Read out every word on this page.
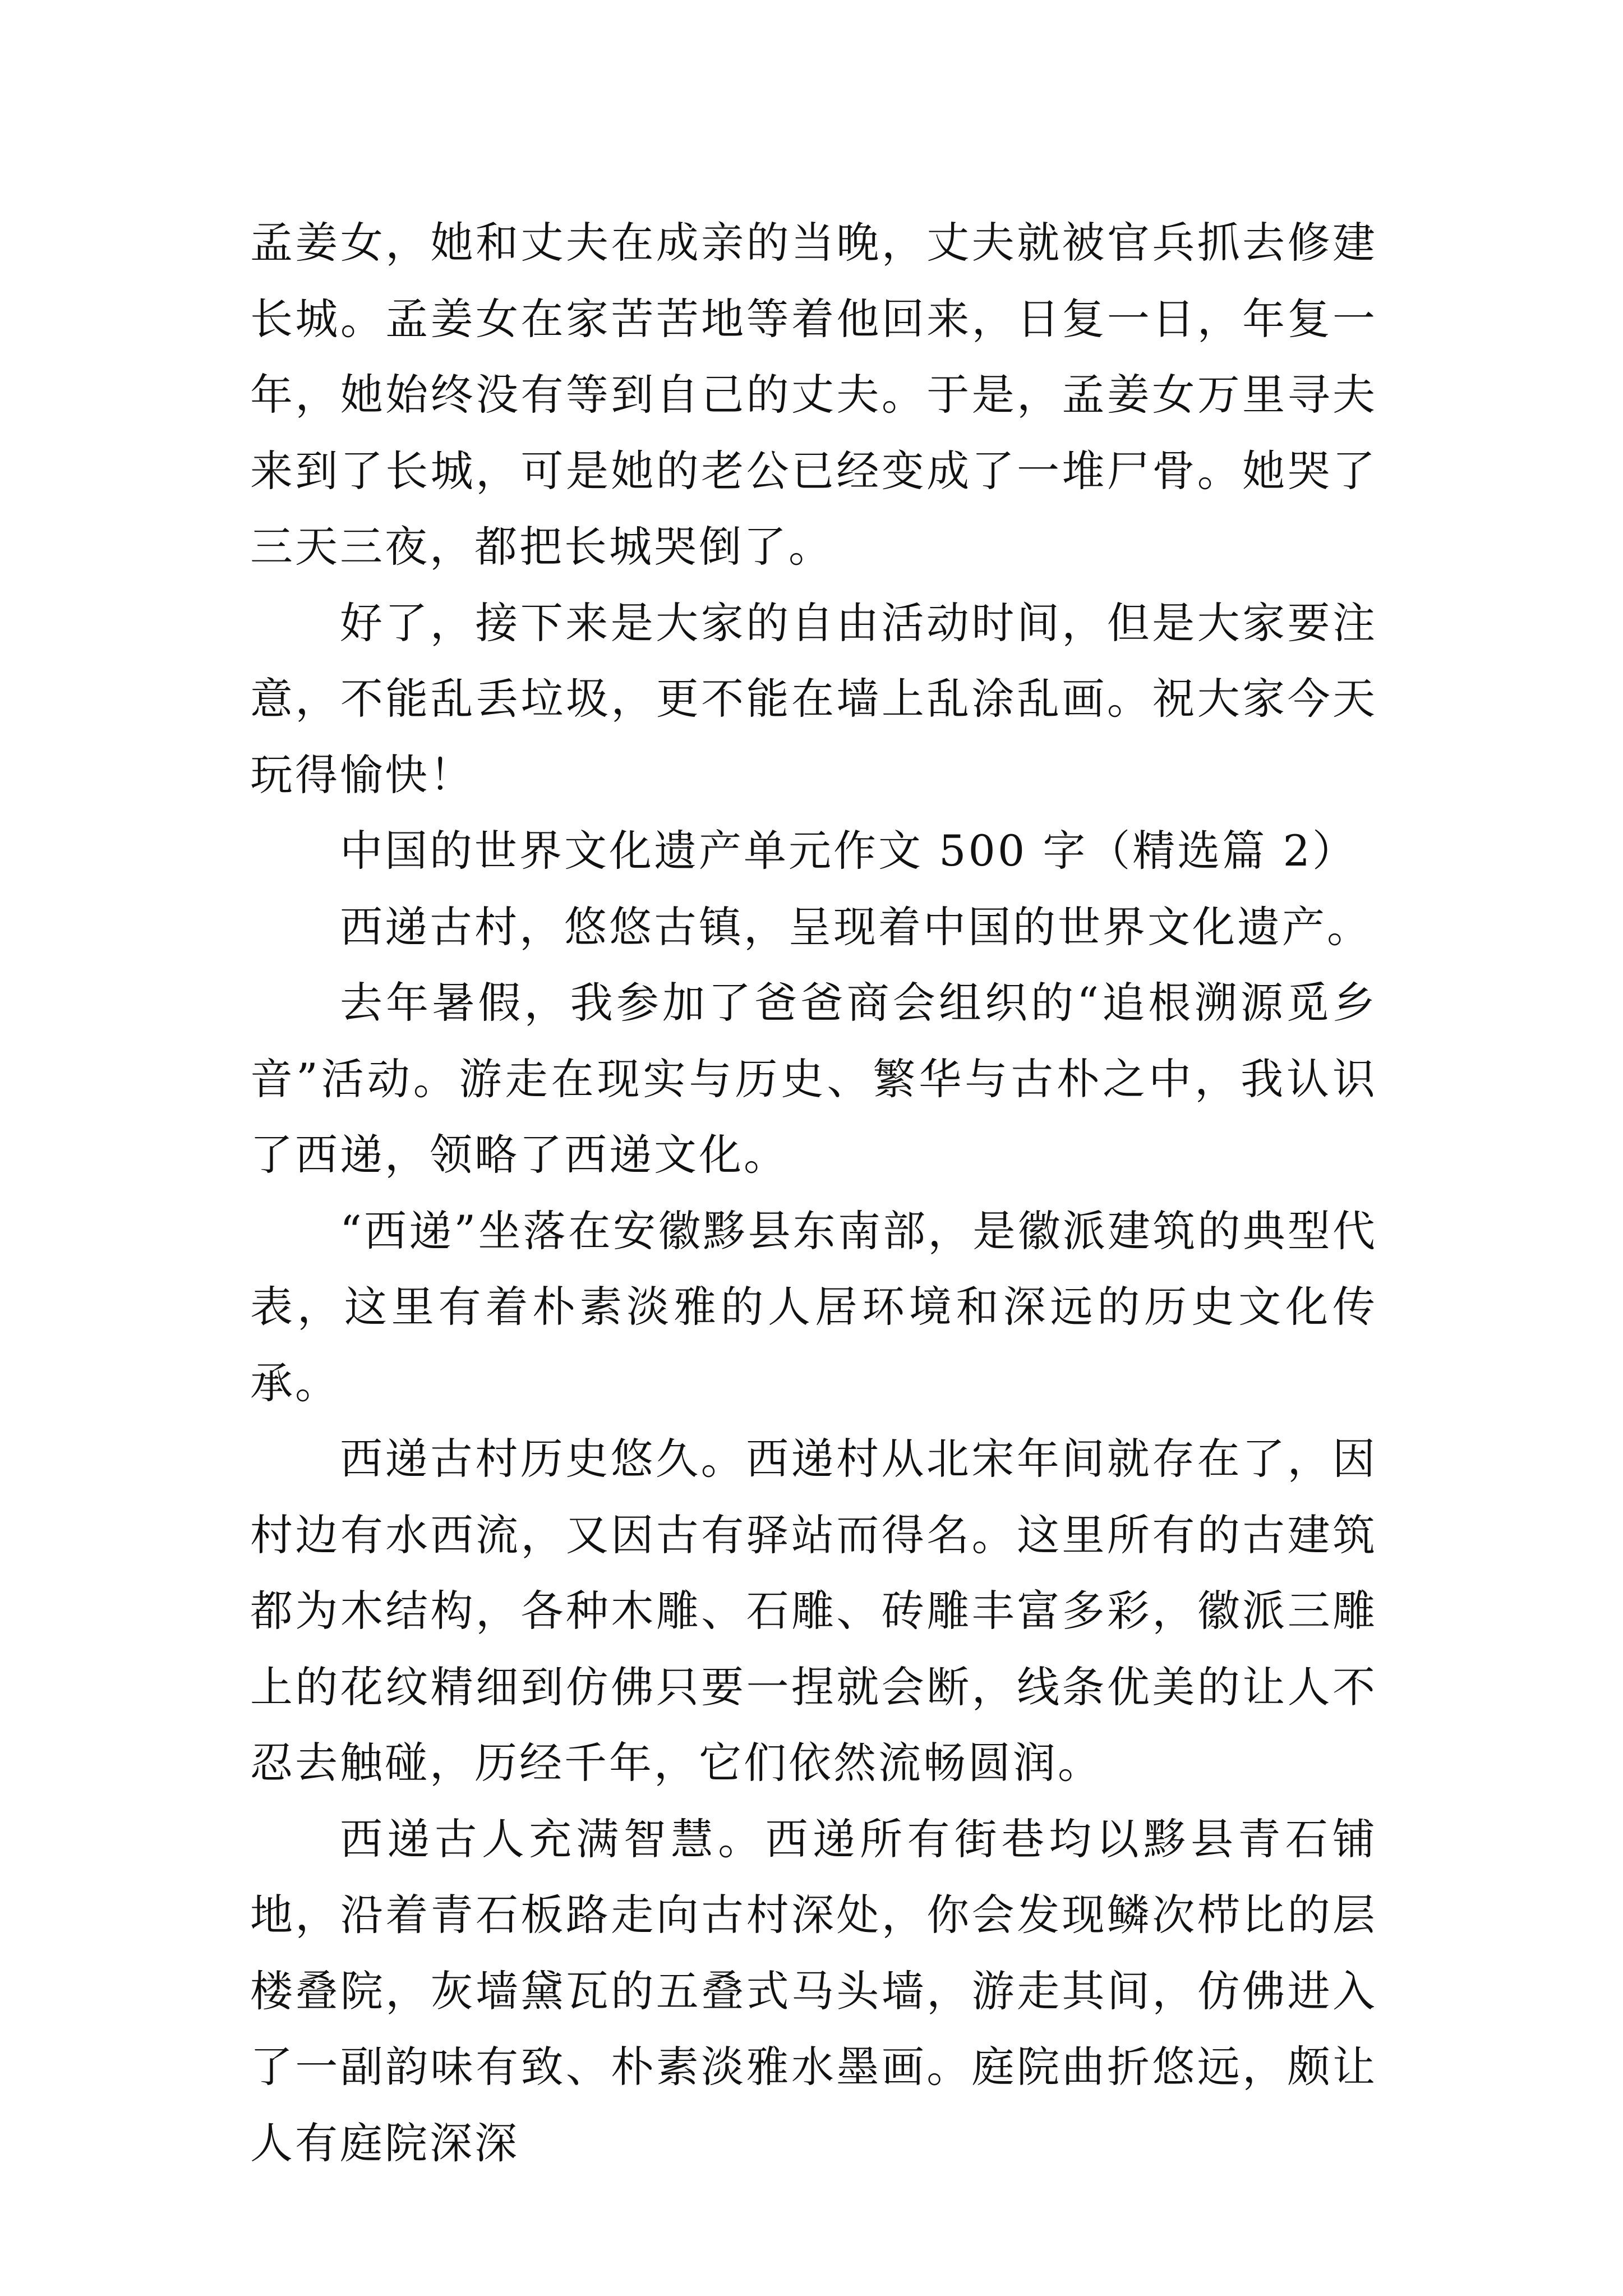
孟姜女，她和丈夫在成亲的当晚，丈夫就被官兵抓去修建长城。孟姜女在家苦苦地等着他回来，日复一日，年复一年，她始终没有等到自己的丈夫。于是，孟姜女万里寻夫来到了长城，可是她的老公已经变成了一堆尸骨。她哭了三天三夜，都把长城哭倒了。

好了，接下来是大家的自由活动时间，但是大家要注意，不能乱丢垃圾，更不能在墙上乱涂乱画。祝大家今天玩得愉快！

中国的世界文化遗产单元作文 500 字（精选篇 2）

西递古村，悠悠古镇，呈现着中国的世界文化遗产。

去年暑假，我参加了爸爸商会组织的“追根溯源觅乡音”活动。游走在现实与历史、繁华与古朴之中，我认识了西递，领略了西递文化。

“西递”坐落在安徽黟县东南部，是徽派建筑的典型代表，这里有着朴素淡雅的人居环境和深远的历史文化传承。

西递古村历史悠久。西递村从北宋年间就存在了，因村边有水西流，又因古有驿站而得名。这里所有的古建筑都为木结构，各种木雕、石雕、砖雕丰富多彩，徽派三雕上的花纹精细到仿佛只要一捏就会断，线条优美的让人不忍去触碰，历经千年，它们依然流畅圆润。

西递古人充满智慧。西递所有街巷均以黟县青石铺地，沿着青石板路走向古村深处，你会发现鳞次栉比的层楼叠院，灰墙黛瓦的五叠式马头墙，游走其间，仿佛进入了一副韵味有致、朴素淡雅水墨画。庭院曲折悠远，颇让人有庭院深深
